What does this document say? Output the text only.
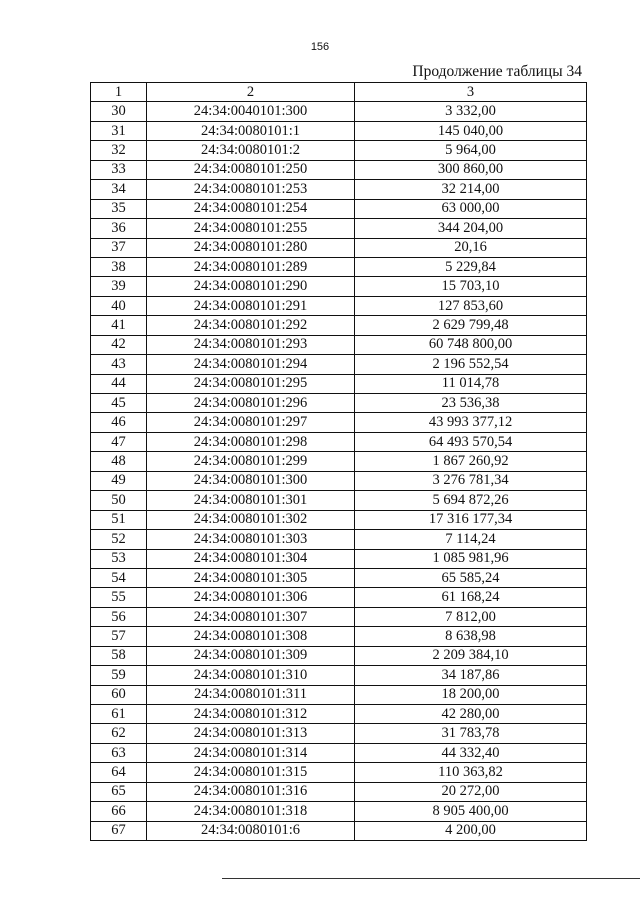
156
Продолжение таблицы 34
1	2	3
30	24:34:0040101:300	3 332,00
31	24:34:0080101:1	145 040,00
32	24:34:0080101:2	5 964,00
33	24:34:0080101:250	300 860,00
34	24:34:0080101:253	32 214,00
35	24:34:0080101:254	63 000,00
36	24:34:0080101:255	344 204,00
37	24:34:0080101:280	20,16
38	24:34:0080101:289	5 229,84
39	24:34:0080101:290	15 703,10
40	24:34:0080101:291	127 853,60
41	24:34:0080101:292	2 629 799,48
42	24:34:0080101:293	60 748 800,00
43	24:34:0080101:294	2 196 552,54
44	24:34:0080101:295	11 014,78
45	24:34:0080101:296	23 536,38
46	24:34:0080101:297	43 993 377,12
47	24:34:0080101:298	64 493 570,54
48	24:34:0080101:299	1 867 260,92
49	24:34:0080101:300	3 276 781,34
50	24:34:0080101:301	5 694 872,26
51	24:34:0080101:302	17 316 177,34
52	24:34:0080101:303	7 114,24
53	24:34:0080101:304	1 085 981,96
54	24:34:0080101:305	65 585,24
55	24:34:0080101:306	61 168,24
56	24:34:0080101:307	7 812,00
57	24:34:0080101:308	8 638,98
58	24:34:0080101:309	2 209 384,10
59	24:34:0080101:310	34 187,86
60	24:34:0080101:311	18 200,00
61	24:34:0080101:312	42 280,00
62	24:34:0080101:313	31 783,78
63	24:34:0080101:314	44 332,40
64	24:34:0080101:315	110 363,82
65	24:34:0080101:316	20 272,00
66	24:34:0080101:318	8 905 400,00
67	24:34:0080101:6	4 200,00
